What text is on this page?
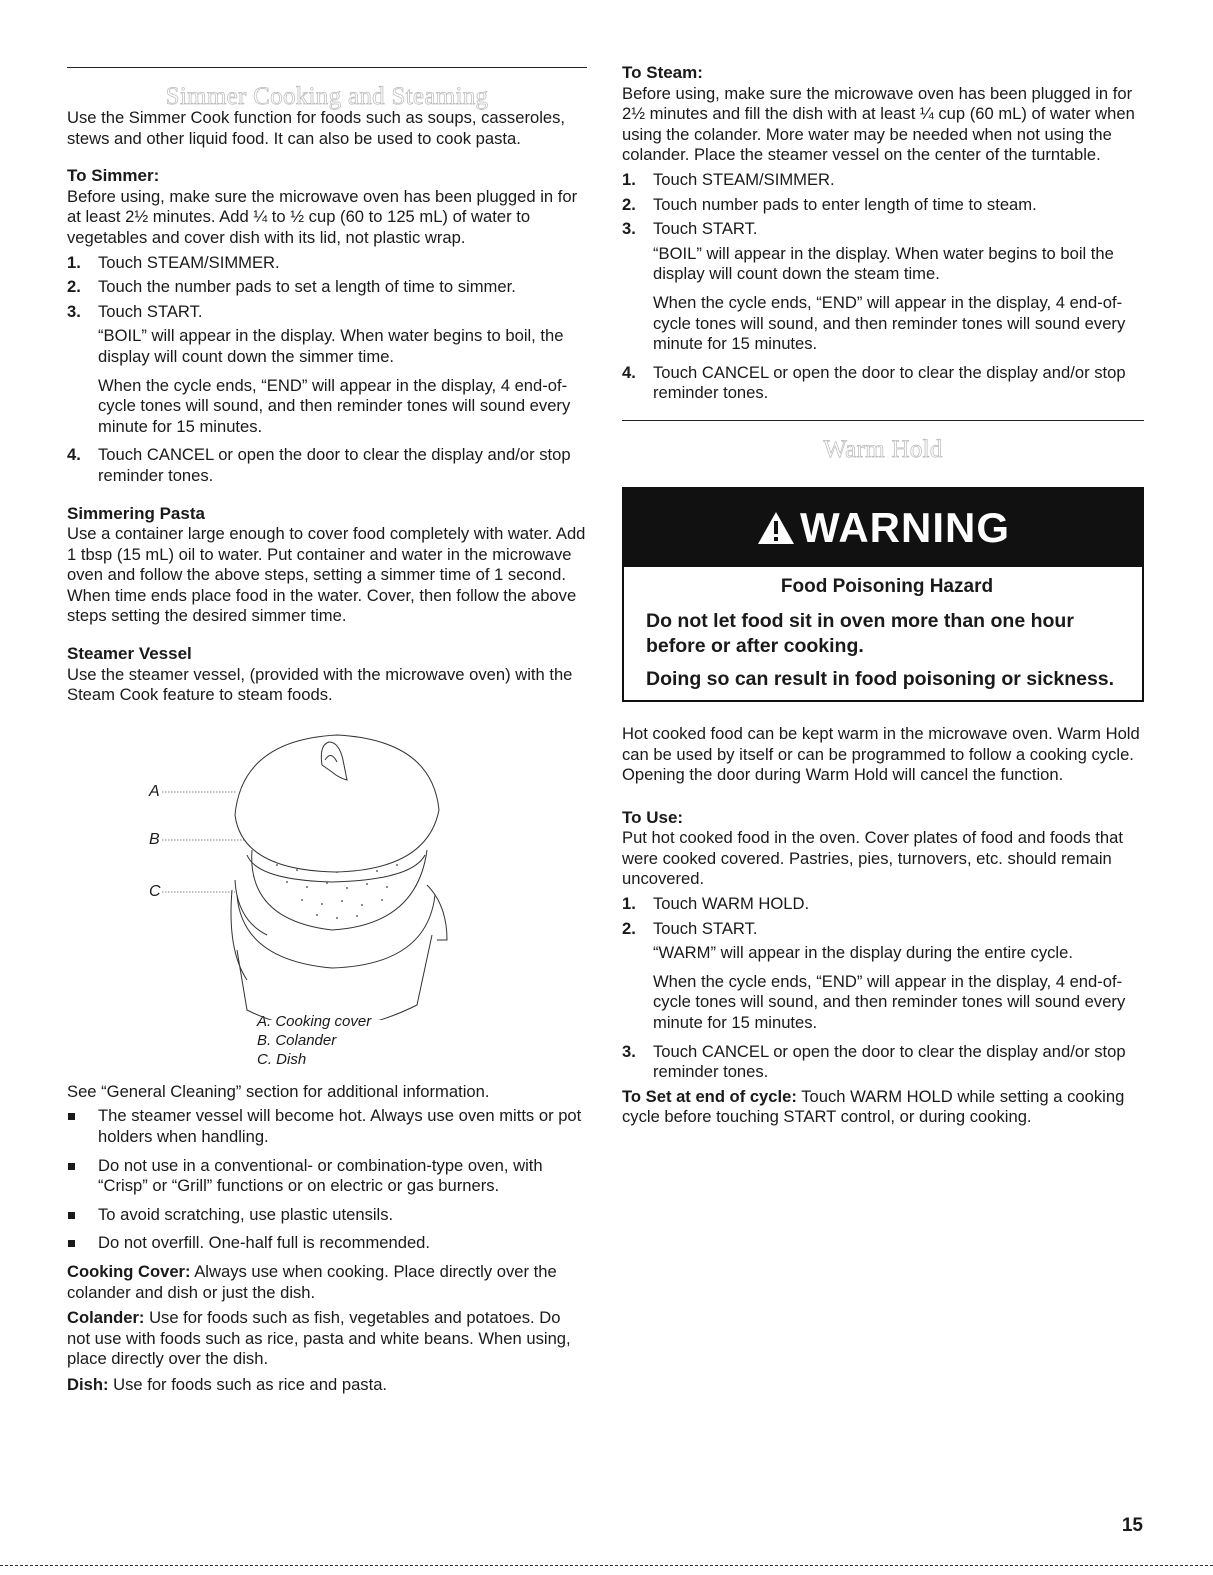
Simmer Cooking and Steaming

Use the Simmer Cook function for foods such as soups, casseroles, stews and other liquid food. It can also be used to cook pasta.

To Simmer:

Before using, make sure the microwave oven has been plugged in for at least 2½ minutes. Add ¼ to ½ cup (60 to 125 mL) of water to vegetables and cover dish with its lid, not plastic wrap.

1. Touch STEAM/SIMMER.
2. Touch the number pads to set a length of time to simmer.
3. Touch START.

“BOIL” will appear in the display. When water begins to boil, the display will count down the simmer time.

When the cycle ends, “END” will appear in the display, 4 end-of-cycle tones will sound, and then reminder tones will sound every minute for 15 minutes.

4. Touch CANCEL or open the door to clear the display and/or stop reminder tones.

Simmering Pasta

Use a container large enough to cover food completely with water. Add 1 tbsp (15 mL) oil to water. Put container and water in the microwave oven and follow the above steps, setting a simmer time of 1 second. When time ends place food in the water. Cover, then follow the above steps setting the desired simmer time.

Steamer Vessel

Use the steamer vessel, (provided with the microwave oven) with the Steam Cook feature to steam foods.

A
B
C

A. Cooking cover

B. Colander

C. Dish

See “General Cleaning” section for additional information.

The steamer vessel will become hot. Always use oven mitts or pot holders when handling.
Do not use in a conventional- or combination-type oven, with “Crisp” or “Grill” functions or on electric or gas burners.
To avoid scratching, use plastic utensils.
Do not overfill. One-half full is recommended.

Cooking Cover: Always use when cooking. Place directly over the colander and dish or just the dish.

Colander: Use for foods such as fish, vegetables and potatoes. Do not use with foods such as rice, pasta and white beans. When using, place directly over the dish.

Dish: Use for foods such as rice and pasta.

To Steam:

Before using, make sure the microwave oven has been plugged in for 2½ minutes and fill the dish with at least ¼ cup (60 mL) of water when using the colander. More water may be needed when not using the colander. Place the steamer vessel on the center of the turntable.

1. Touch STEAM/SIMMER.
2. Touch number pads to enter length of time to steam.
3. Touch START.

“BOIL” will appear in the display. When water begins to boil the display will count down the steam time.

When the cycle ends, “END” will appear in the display, 4 end-of-cycle tones will sound, and then reminder tones will sound every minute for 15 minutes.

4. Touch CANCEL or open the door to clear the display and/or stop reminder tones.
Warm Hold
WARNING

Food Poisoning Hazard

Do not let food sit in oven more than one hour before or after cooking.

Doing so can result in food poisoning or sickness.

Hot cooked food can be kept warm in the microwave oven. Warm Hold can be used by itself or can be programmed to follow a cooking cycle. Opening the door during Warm Hold will cancel the function.

To Use:

Put hot cooked food in the oven. Cover plates of food and foods that were cooked covered. Pastries, pies, turnovers, etc. should remain uncovered.

1. Touch WARM HOLD.
2. Touch START.

“WARM” will appear in the display during the entire cycle.

When the cycle ends, “END” will appear in the display, 4 end-of-cycle tones will sound, and then reminder tones will sound every minute for 15 minutes.

3. Touch CANCEL or open the door to clear the display and/or stop reminder tones.

To Set at end of cycle: Touch WARM HOLD while setting a cooking cycle before touching START control, or during cooking.

15
